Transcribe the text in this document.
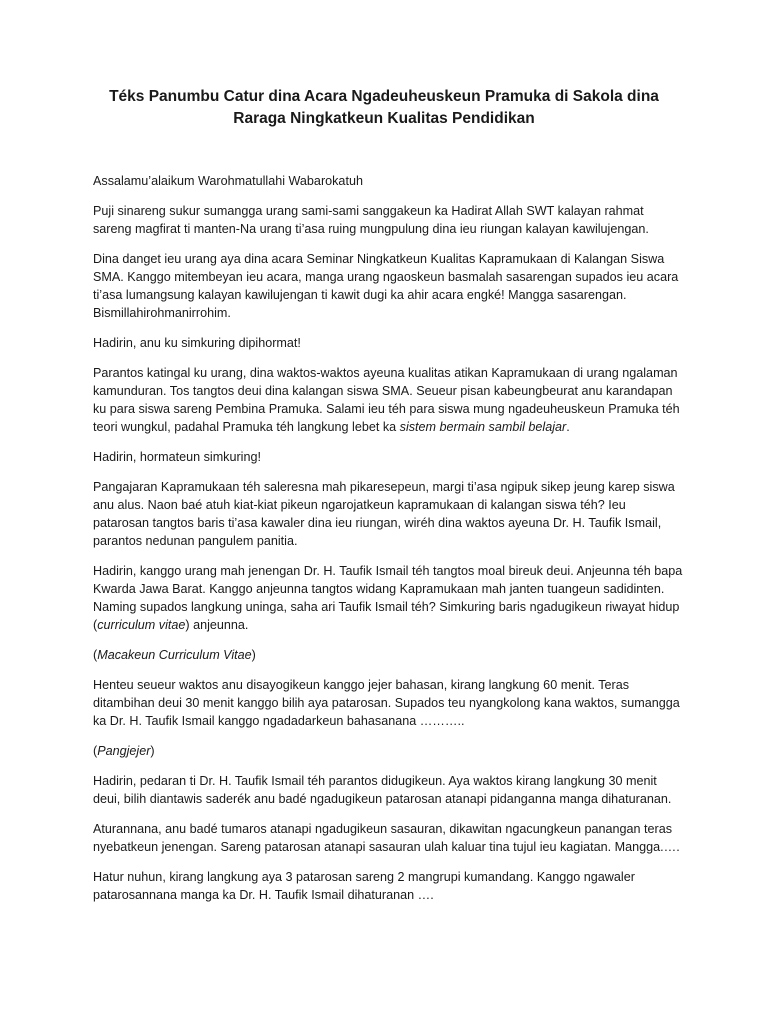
Téks Panumbu Catur dina Acara Ngadeuheuskeun Pramuka di Sakola dina
Raraga Ningkatkeun Kualitas Pendidikan

Assalamu’alaikum Warohmatullahi Wabarokatuh

Puji sinareng sukur sumangga urang sami-sami sanggakeun ka Hadirat Allah SWT kalayan rahmat sareng magfirat ti manten-Na urang ti’asa ruing mungpulung dina ieu riungan kalayan kawilujengan.

Dina danget ieu urang aya dina acara Seminar Ningkatkeun Kualitas Kapramukaan di Kalangan Siswa SMA. Kanggo mitembeyan ieu acara, manga urang ngaoskeun basmalah sasarengan supados ieu acara ti’asa lumangsung kalayan kawilujengan ti kawit dugi ka ahir acara engké! Mangga sasarengan. Bismillahirohmanirrohim.

Hadirin, anu ku simkuring dipihormat!

Parantos katingal ku urang, dina waktos-waktos ayeuna kualitas atikan Kapramukaan di urang ngalaman kamunduran. Tos tangtos deui dina kalangan siswa SMA. Seueur pisan kabeungbeurat anu karandapan ku para siswa sareng Pembina Pramuka. Salami ieu téh para siswa mung ngadeuheuskeun Pramuka téh teori wungkul, padahal Pramuka téh langkung lebet ka sistem bermain sambil belajar.

Hadirin, hormateun simkuring!

Pangajaran Kapramukaan téh saleresna mah pikaresepeun, margi ti’asa ngipuk sikep jeung karep siswa anu alus. Naon baé atuh kiat-kiat pikeun ngarojatkeun kapramukaan di kalangan siswa téh? Ieu patarosan tangtos baris ti’asa kawaler dina ieu riungan, wiréh dina waktos ayeuna Dr. H. Taufik Ismail, parantos nedunan pangulem panitia.

Hadirin, kanggo urang mah jenengan Dr. H. Taufik Ismail téh tangtos moal bireuk deui. Anjeunna téh bapa Kwarda Jawa Barat. Kanggo anjeunna tangtos widang Kapramukaan mah janten tuangeun sadidinten. Naming supados langkung uninga, saha ari Taufik Ismail téh? Simkuring baris ngadugikeun riwayat hidup (curriculum vitae) anjeunna.

(Macakeun Curriculum Vitae)

Henteu seueur waktos anu disayogikeun kanggo jejer bahasan, kirang langkung 60 menit. Teras ditambihan deui 30 menit kanggo bilih aya patarosan. Supados teu nyangkolong kana waktos, sumangga ka Dr. H. Taufik Ismail kanggo ngadadarkeun bahasanana ………..

(Pangjejer)

Hadirin, pedaran ti Dr. H. Taufik Ismail téh parantos didugikeun. Aya waktos kirang langkung 30 menit deui, bilih diantawis saderék anu badé ngadugikeun patarosan atanapi pidanganna manga dihaturanan.

Aturannana, anu badé tumaros atanapi ngadugikeun sasauran, dikawitan ngacungkeun panangan teras nyebatkeun jenengan. Sareng patarosan atanapi sasauran ulah kaluar tina tujul ieu kagiatan. Mangga.….

Hatur nuhun, kirang langkung aya 3 patarosan sareng 2 mangrupi kumandang. Kanggo ngawaler patarosannana manga ka Dr. H. Taufik Ismail dihaturanan ….
